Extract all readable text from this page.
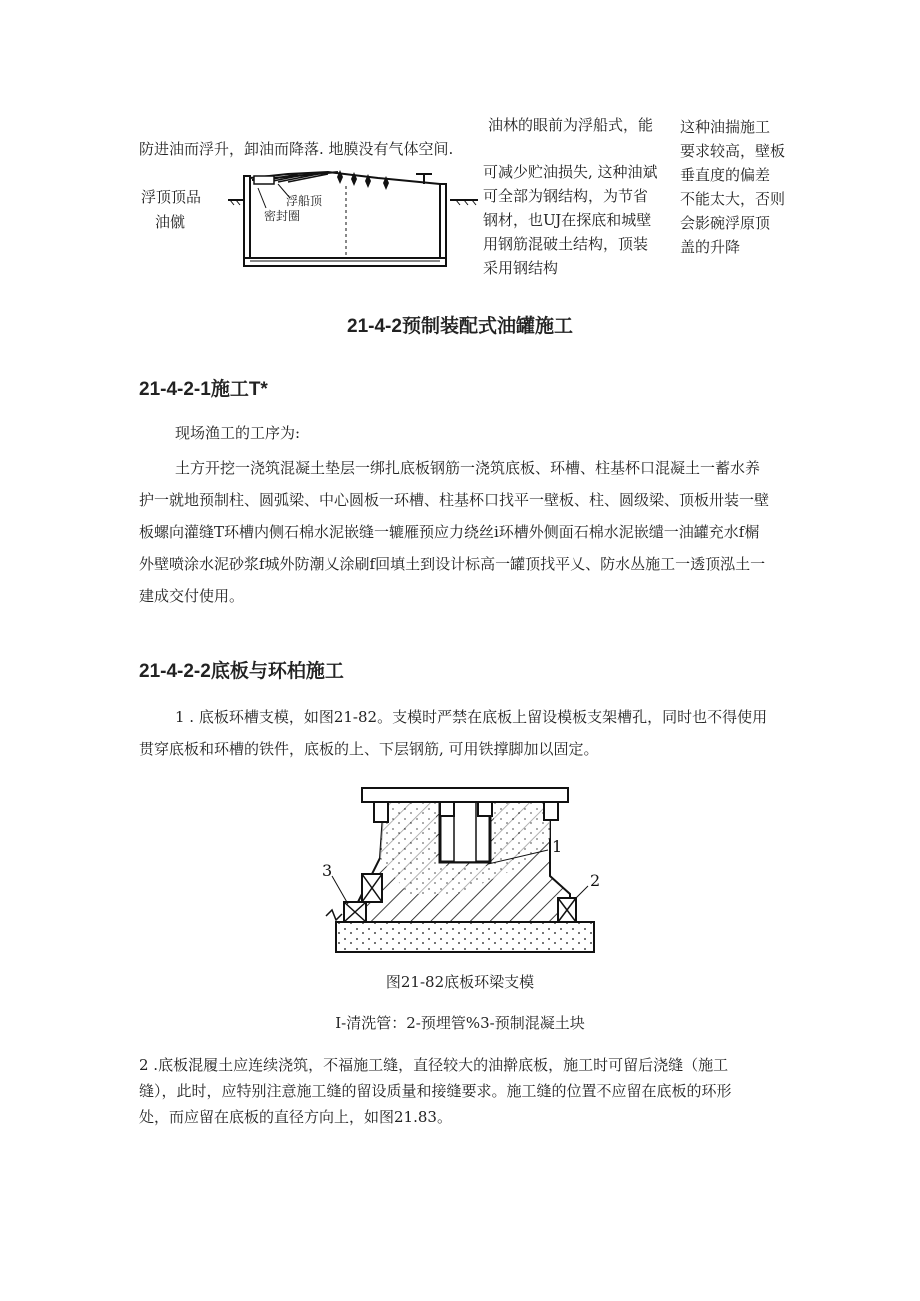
防进油而浮升，卸油而降落. 地膜没有气体空间.
浮顶顶品
油僦
浮船顶
密封圈
油林的眼前为浮船式，能
可减少贮油损失, 这种油斌
可全部为钢结构，为节省
钢材，也UJ在探底和城壁
用钢筋混破土结构，顶装
采用钢结构
这种油揣施工
要求较高，壁板
垂直度的偏差
不能太大，否则
会影碗浮原顶
盖的升降
21-4-2预制装配式油罐施工
21-4-2-1施工T*
现场渔工的工序为:

土方开挖一浇筑混凝土垫层一绑扎底板钢筋一浇筑底板、环槽、柱基杯口混凝土一蓄水养

护一就地预制柱、圆弧梁、中心圆板一环槽、柱基杯口找平一壁板、柱、圆级梁、顶板卅装一壁

板螺向灌缝T环槽内侧石棉水泥嵌缝一辘雁预应力绕丝i环槽外侧面石棉水泥嵌缱一油罐充水f榍

外壁喷涂水泥砂浆f城外防潮乂涂刷f回填土到设计标高一罐顶找平乂、防水丛施工一透顶泓土一

建成交付使用。

21-4-2-2底板与环柏施工

1 . 底板环槽支模，如图21-82。支模时严禁在底板上留设模板支架槽孔，同时也不得使用

贯穿底板和环槽的铁件，底板的上、下层钢筋, 可用铁撑脚加以固定。

1
2
3
图21-82底板环梁支模
I-清洗管：2-预埋管%3-预制混凝土块

2 .底板混履土应连续浇筑，不福施工缝，直径较大的油擀底板，施工时可留后浇缝（施工

缝），此时，应特别注意施工缝的留设质量和接缝要求。施工缝的位置不应留在底板的环形

处，而应留在底板的直径方向上，如图21.83。
